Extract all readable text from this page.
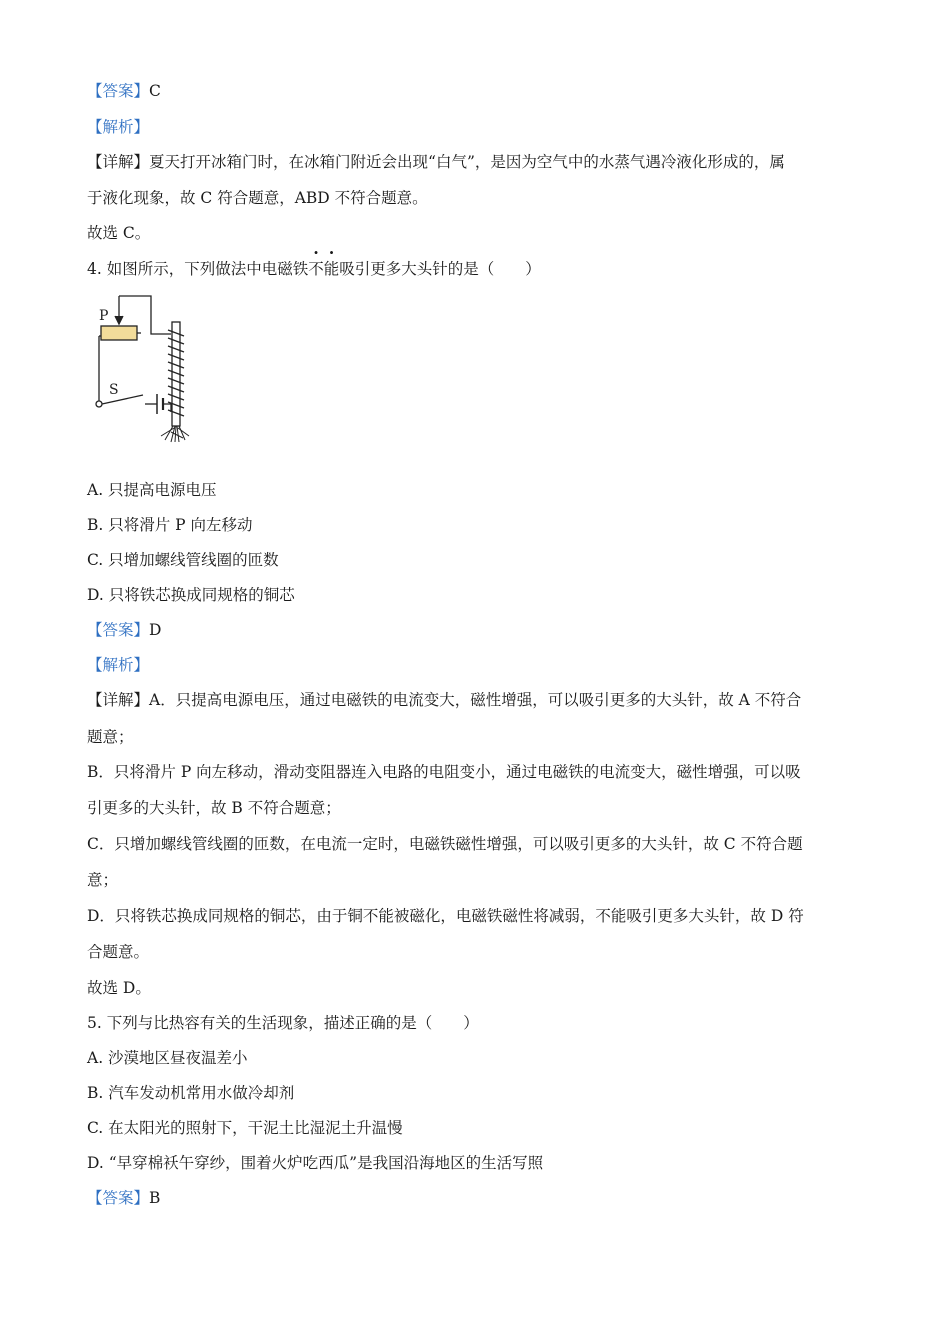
【答案】C
【解析】
【详解】夏天打开冰箱门时，在冰箱门附近会出现“白气”，是因为空气中的水蒸气遇冷液化形成的，属
于液化现象，故 C 符合题意，ABD 不符合题意。
故选 C。
4. 如图所示，下列做法中电磁铁不能吸引更多大头针的是（　　）
P
S
A. 只提高电源电压
B. 只将滑片 P 向左移动
C. 只增加螺线管线圈的匝数
D. 只将铁芯换成同规格的铜芯
【答案】D
【解析】
【详解】A．只提高电源电压，通过电磁铁的电流变大，磁性增强，可以吸引更多的大头针，故 A 不符合
题意；
B．只将滑片 P 向左移动，滑动变阻器连入电路的电阻变小，通过电磁铁的电流变大，磁性增强，可以吸
引更多的大头针，故 B 不符合题意；
C．只增加螺线管线圈的匝数，在电流一定时，电磁铁磁性增强，可以吸引更多的大头针，故 C 不符合题
意；
D．只将铁芯换成同规格的铜芯，由于铜不能被磁化，电磁铁磁性将减弱，不能吸引更多大头针，故 D 符
合题意。
故选 D。
5. 下列与比热容有关的生活现象，描述正确的是（　　）
A. 沙漠地区昼夜温差小
B. 汽车发动机常用水做冷却剂
C. 在太阳光的照射下，干泥土比湿泥土升温慢
D. “早穿棉袄午穿纱，围着火炉吃西瓜”是我国沿海地区的生活写照
【答案】B
